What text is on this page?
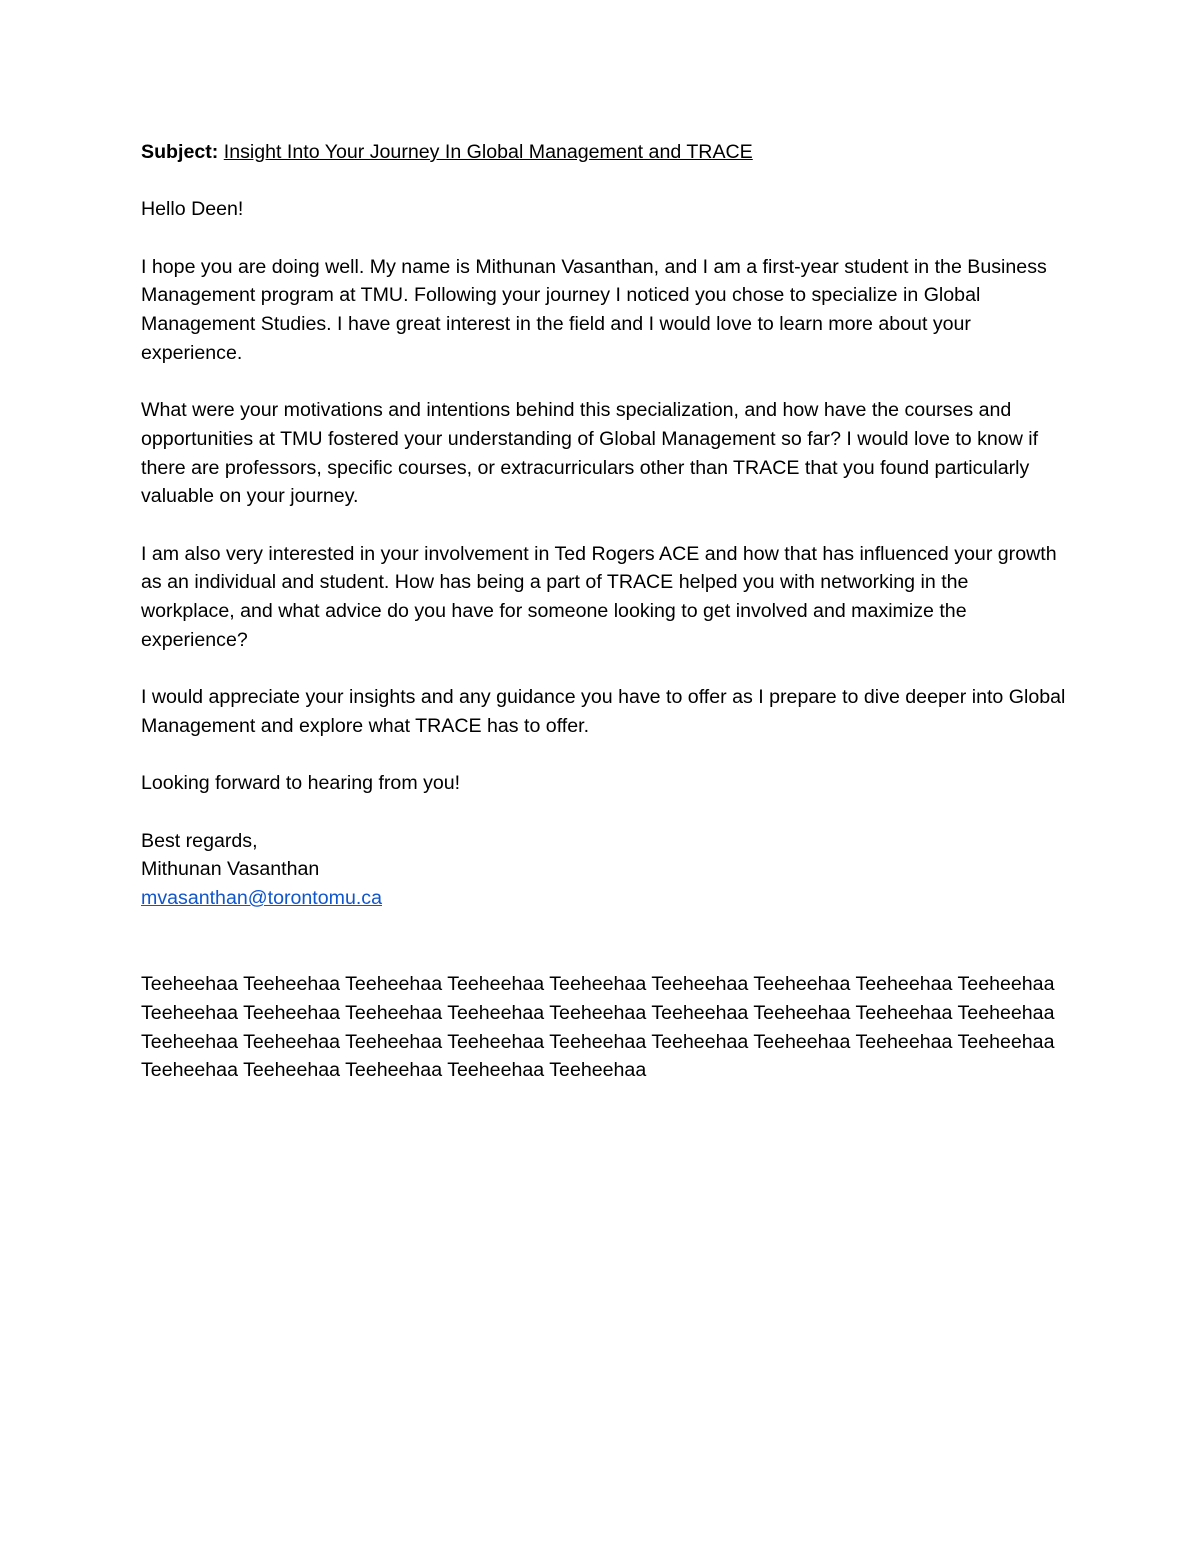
Subject: Insight Into Your Journey In Global Management and TRACE

Hello Deen!

I hope you are doing well. My name is Mithunan Vasanthan, and I am a first-year student in the Business Management program at TMU. Following your journey I noticed you chose to specialize in Global Management Studies. I have great interest in the field and I would love to learn more about your experience.

What were your motivations and intentions behind this specialization, and how have the courses and opportunities at TMU fostered your understanding of Global Management so far? I would love to know if there are professors, specific courses, or extracurriculars other than TRACE that you found particularly valuable on your journey.

I am also very interested in your involvement in Ted Rogers ACE and how that has influenced your growth as an individual and student. How has being a part of TRACE helped you with networking in the workplace, and what advice do you have for someone looking to get involved and maximize the experience?

I would appreciate your insights and any guidance you have to offer as I prepare to dive deeper into Global Management and explore what TRACE has to offer.

Looking forward to hearing from you!

Best regards,
Mithunan Vasanthan
mvasanthan@torontomu.ca

Teeheehaa Teeheehaa Teeheehaa Teeheehaa Teeheehaa Teeheehaa Teeheehaa Teeheehaa Teeheehaa Teeheehaa Teeheehaa Teeheehaa Teeheehaa Teeheehaa Teeheehaa Teeheehaa Teeheehaa Teeheehaa Teeheehaa Teeheehaa Teeheehaa Teeheehaa Teeheehaa Teeheehaa Teeheehaa Teeheehaa Teeheehaa Teeheehaa Teeheehaa Teeheehaa Teeheehaa Teeheehaa
